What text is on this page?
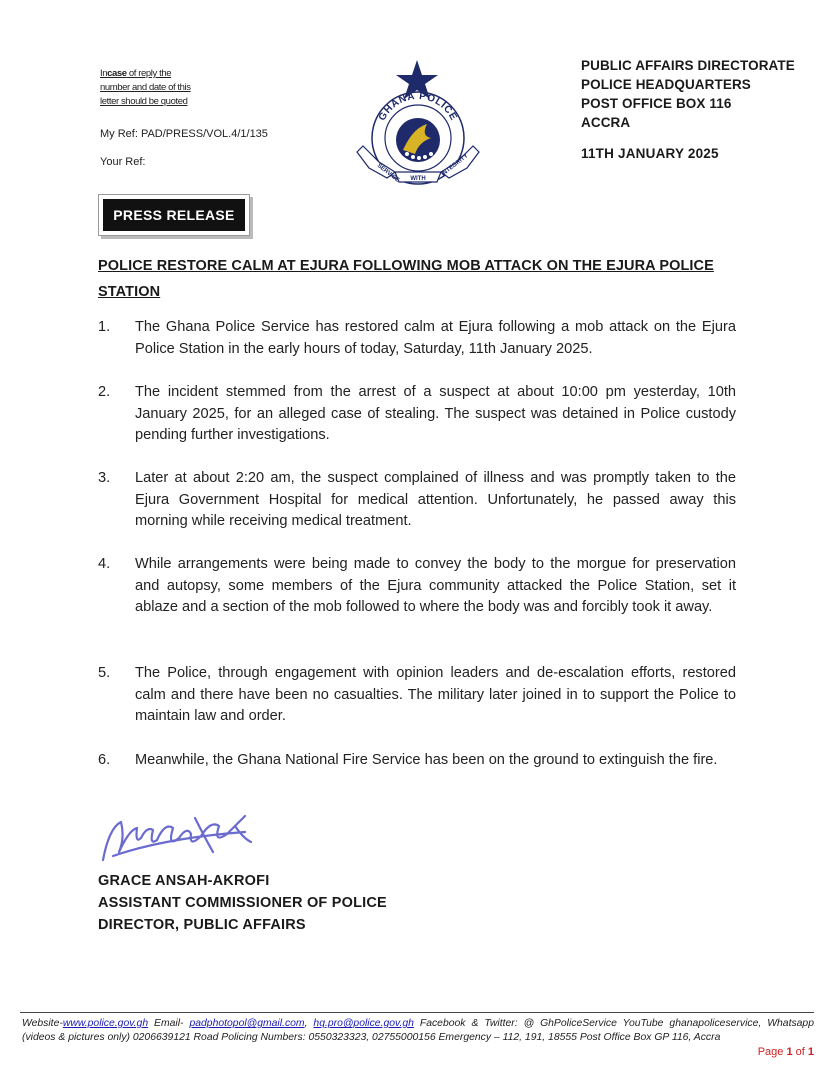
Incase of reply the
number and date of this
letter should be quoted
My Ref: PAD/PRESS/VOL.4/1/135
Your Ref:
GHANA POLICE
SERVICE WITH
INTEGRITY
PUBLIC AFFAIRS DIRECTORATE
POLICE HEADQUARTERS
POST OFFICE BOX 116
ACCRA
11TH JANUARY 2025
PRESS RELEASE
POLICE RESTORE CALM AT EJURA FOLLOWING MOB ATTACK ON THE EJURA POLICE STATION
1.	The Ghana Police Service has restored calm at Ejura following a mob attack on the Ejura Police Station in the early hours of today, Saturday, 11th January 2025.
2.	The incident stemmed from the arrest of a suspect at about 10:00 pm yesterday, 10th January 2025, for an alleged case of stealing. The suspect was detained in Police custody pending further investigations.
3.	Later at about 2:20 am, the suspect complained of illness and was promptly taken to the Ejura Government Hospital for medical attention. Unfortunately, he passed away this morning while receiving medical treatment.
4.	While arrangements were being made to convey the body to the morgue for preservation and autopsy, some members of the Ejura community attacked the Police Station, set it ablaze and a section of the mob followed to where the body was and forcibly took it away.
5.	The Police, through engagement with opinion leaders and de-escalation efforts, restored calm and there have been no casualties. The military later joined in to support the Police to maintain law and order.
6.	Meanwhile, the Ghana National Fire Service has been on the ground to extinguish the fire.
GRACE ANSAH-AKROFI
ASSISTANT COMMISSIONER OF POLICE
DIRECTOR, PUBLIC AFFAIRS
Website-www.police.gov.gh Email- padphotopol@gmail.com, hq.pro@police.gov.gh Facebook & Twitter: @ GhPoliceService YouTube ghanapoliceservice, Whatsapp (videos & pictures only) 0206639121 Road Policing Numbers: 0550323323, 02755000156 Emergency – 112, 191, 18555 Post Office Box GP 116, Accra
Page 1 of 1
